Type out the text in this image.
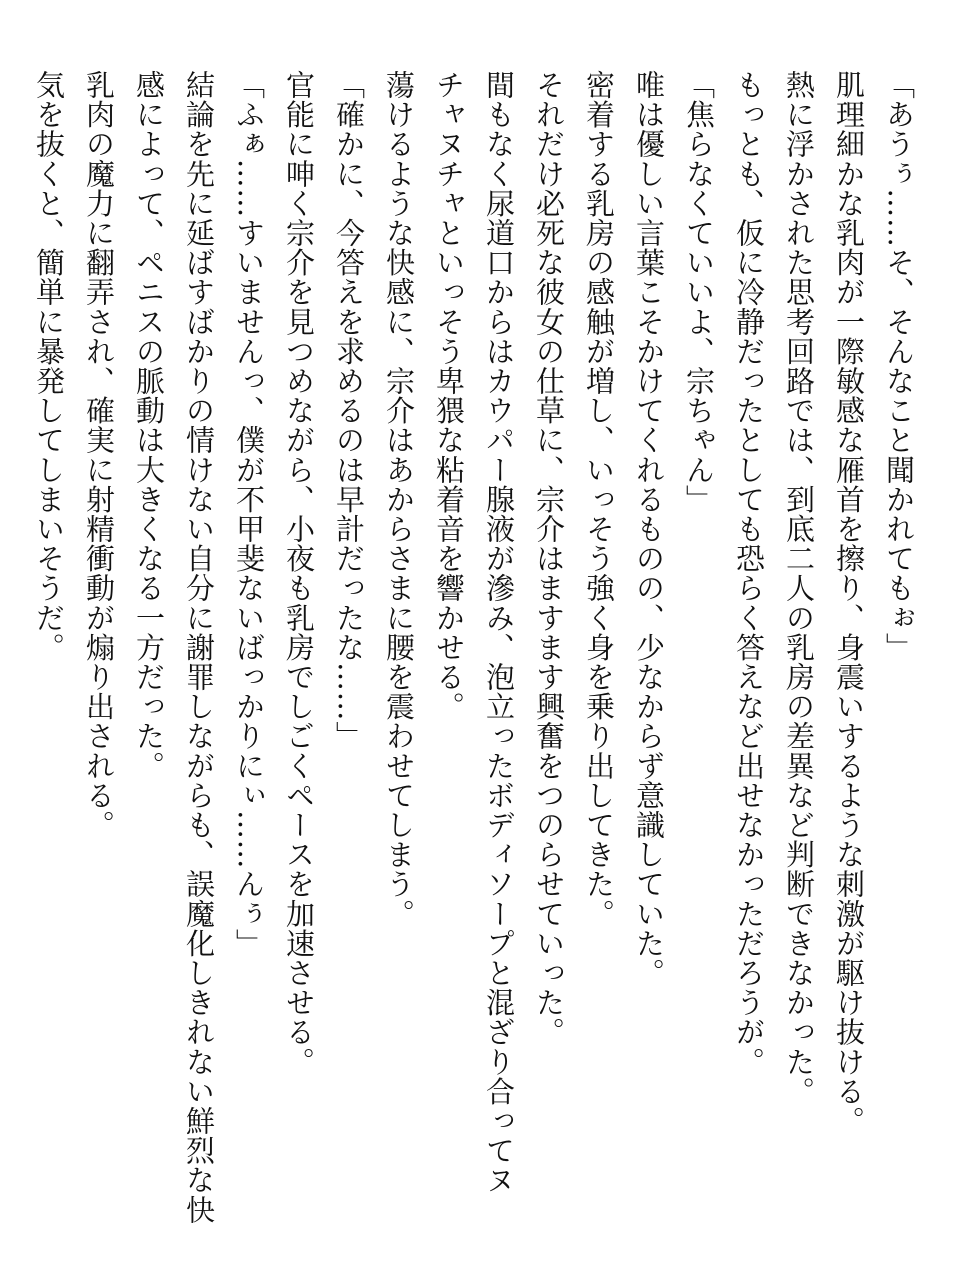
「あうぅ……そ、そんなこと聞かれてもぉ」
肌理細かな乳肉が一際敏感な雁首を擦り、身震いするような刺激が駆け抜ける。
熱に浮かされた思考回路では、到底二人の乳房の差異など判断できなかった。
もっとも、仮に冷静だったとしても恐らく答えなど出せなかっただろうが。
「焦らなくていいよ、宗ちゃん」
唯は優しい言葉こそかけてくれるものの、少なからず意識していた。
密着する乳房の感触が増し、いっそう強く身を乗り出してきた。
それだけ必死な彼女の仕草に、宗介はますます興奮をつのらせていった。
間もなく尿道口からはカウパー腺液が滲み、泡立ったボディソープと混ざり合ってヌ
チャヌチャといっそう卑猥な粘着音を響かせる。
蕩けるような快感に、宗介はあからさまに腰を震わせてしまう。
「確かに、今答えを求めるのは早計だったな……」
官能に呻く宗介を見つめながら、小夜も乳房でしごくペースを加速させる。
「ふぁ……すいませんっ、僕が不甲斐ないばっかりにぃ……んぅ」
結論を先に延ばすばかりの情けない自分に謝罪しながらも、誤魔化しきれない鮮烈な快
感によって、ペニスの脈動は大きくなる一方だった。
乳肉の魔力に翻弄され、確実に射精衝動が煽り出される。
気を抜くと、簡単に暴発してしまいそうだ。
